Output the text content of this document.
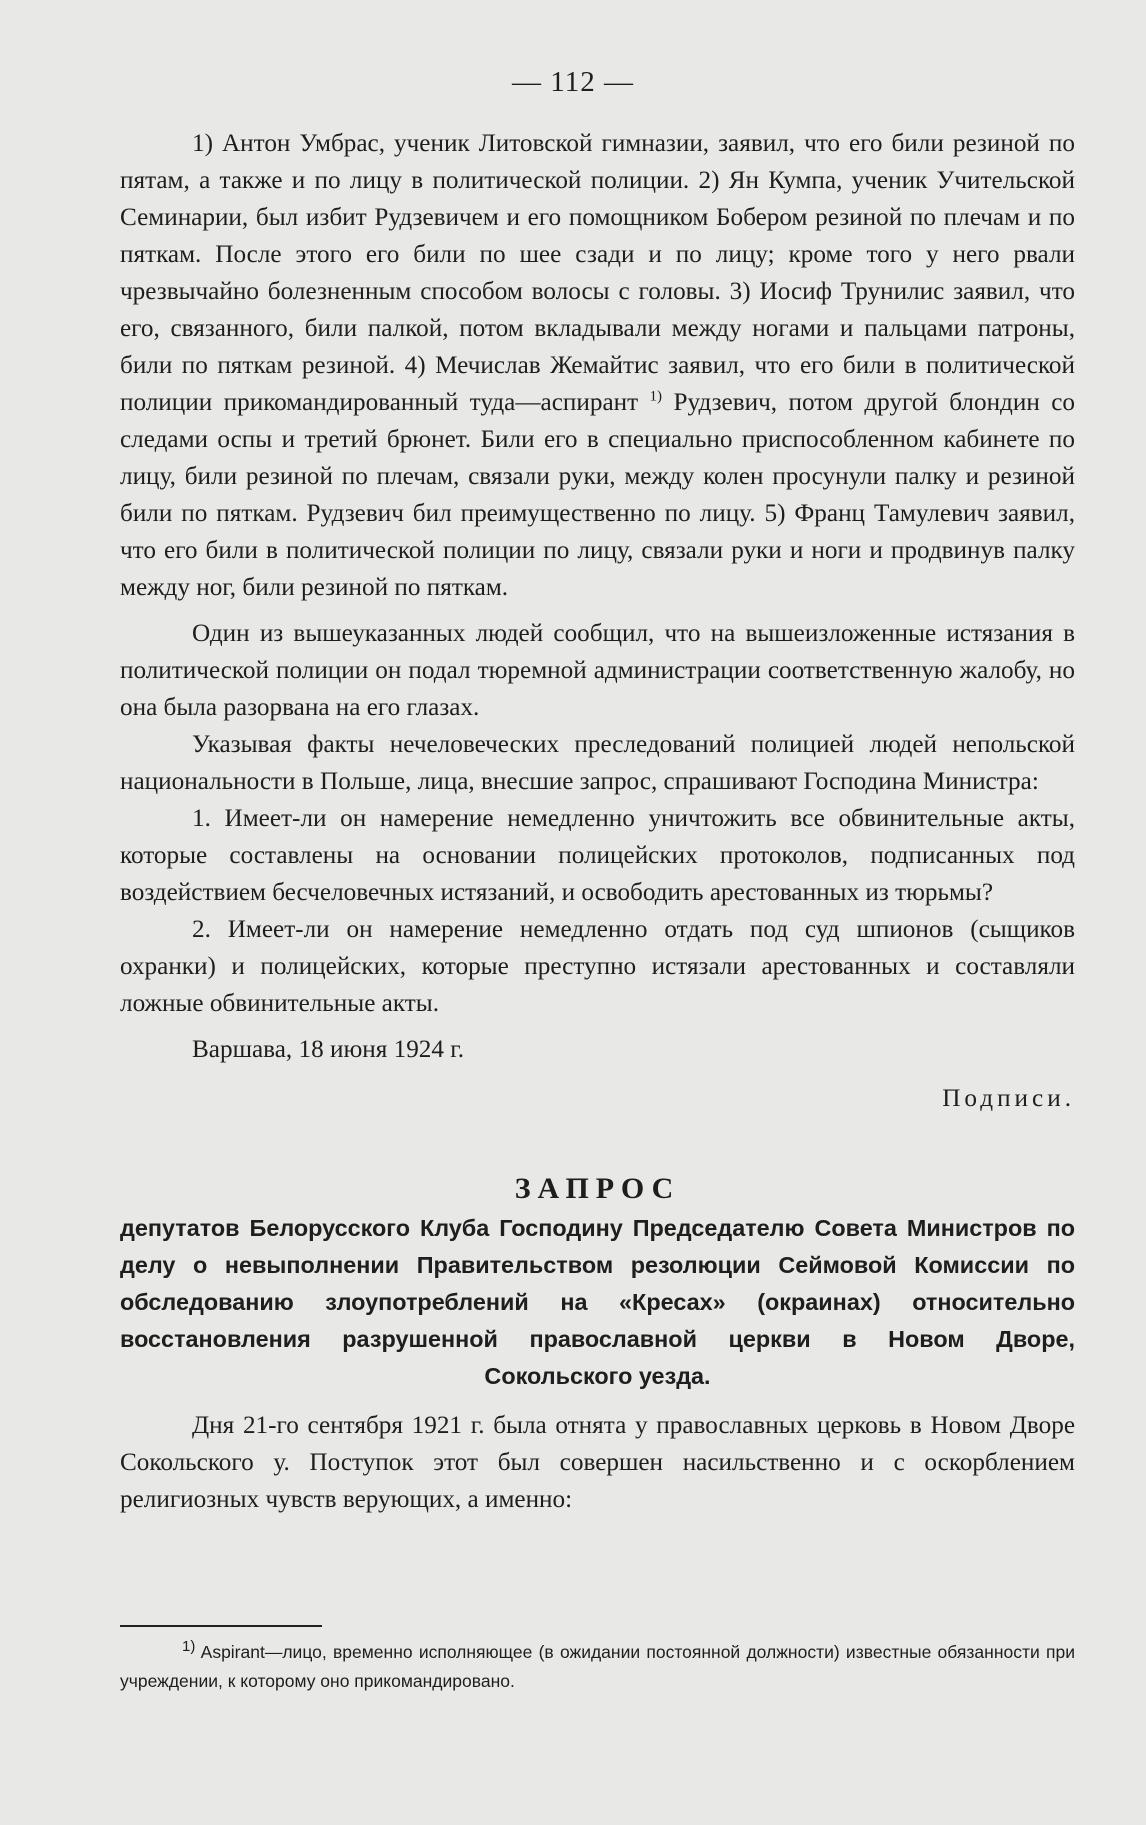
— 112 —

1) Антон Умбрас, ученик Литовской гимназии, заявил, что его били резиной по пятам, а также и по лицу в политической полиции. 2) Ян Кумпа, ученик Учительской Семинарии, был избит Рудзевичем и его помощником Бобером резиной по плечам и по пяткам. После этого его били по шее сзади и по лицу; кроме того у него рвали чрезвычайно болезненным способом волосы с головы. 3) Иосиф Трунилис заявил, что его, связанного, били палкой, потом вкладывали между ногами и пальцами патроны, били по пяткам резиной. 4) Мечислав Жемайтис заявил, что его били в политической полиции прикомандированный туда—аспирант $^{1)}$ Рудзевич, потом другой блондин со следами оспы и третий брюнет. Били его в специально приспособленном кабинете по лицу, били резиной по плечам, связали руки, между колен просунули палку и резиной били по пяткам. Рудзевич бил преимущественно по лицу. 5) Франц Тамулевич заявил, что его били в политической полиции по лицу, связали руки и ноги и продвинув палку между ног, били резиной по пяткам.

Один из вышеуказанных людей сообщил, что на вышеизложенные истязания в политической полиции он подал тюремной администрации соответственную жалобу, но она была разорвана на его глазах.

Указывая факты нечеловеческих преследований полицией людей непольской национальности в Польше, лица, внесшие запрос, спрашивают Господина Министра:

1. Имеет-ли он намерение немедленно уничтожить все обвинительные акты, которые составлены на основании полицейских протоколов, подписанных под воздействием бесчеловечных истязаний, и освободить арестованных из тюрьмы?

2. Имеет-ли он намерение немедленно отдать под суд шпионов (сыщиков охранки) и полицейских, которые преступно истязали арестованных и составляли ложные обвинительные акты.

Варшава, 18 июня 1924 г.
Подписи.
ЗАПРОС
депутатов Белорусского Клуба Господину Председателю Совета Министров по делу о невыполнении Правительством резолюции Сеймовой Комиссии по обследованию злоупотреблений на «Кресах» (окраинах) относительно восстановления разрушенной православной церкви в Новом Дворе, Сокольского уезда.

Дня 21-го сентября 1921 г. была отнята у православных церковь в Новом Дворе Сокольского у. Поступок этот был совершен насильственно и с оскорблением религиозных чувств верующих, а именно:

$^{1)}$ Aspirant—лицо, временно исполняющее (в ожидании постоянной должности) известные обязанности при учреждении, к которому оно прикомандировано.
